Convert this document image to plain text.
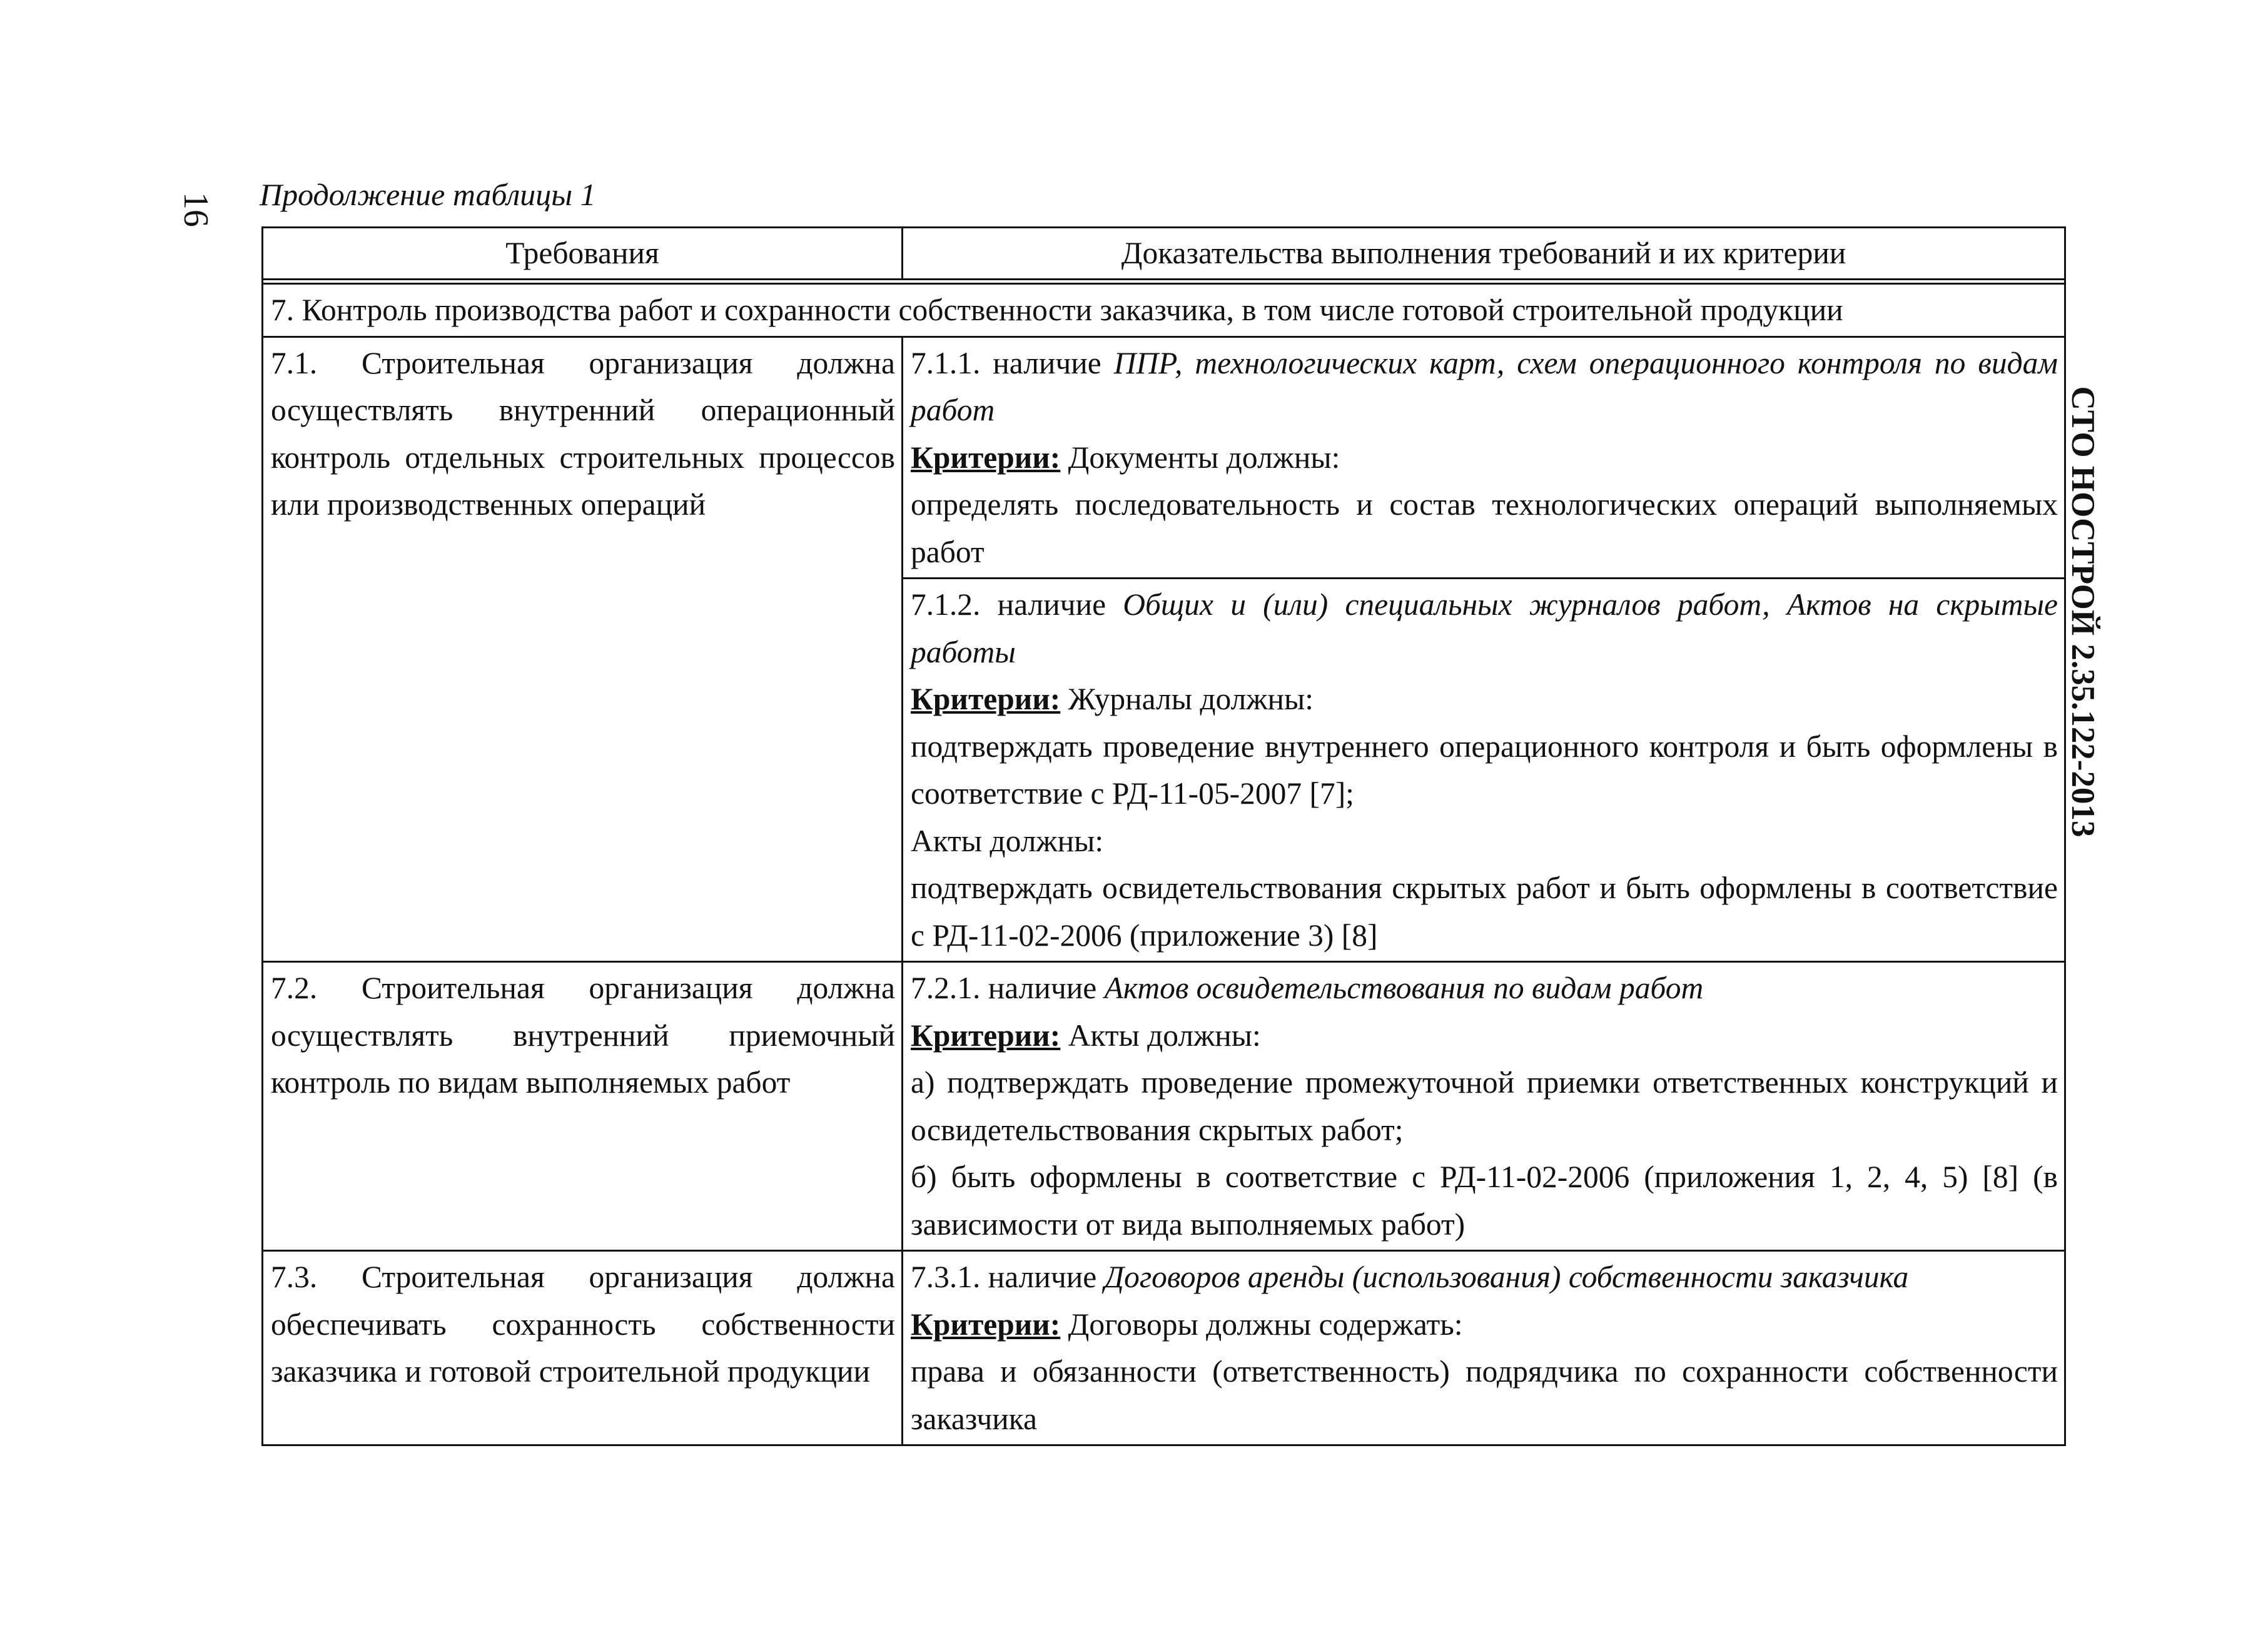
16
СТО НОСТРОЙ 2.35.122-2013
Продолжение таблицы 1
Требования	Доказательства выполнения требований и их критерии

7. Контроль производства работ и сохранности собственности заказчика, в том числе готовой строительной продукции	
7.1. Строительная организация должна осуществлять внутренний операционный контроль отдельных строительных процессов или производственных операций	7.1.1. наличие ППР, технологических карт, схем операционного контроля по видам работ
Критерии: Документы должны:
определять последовательность и состав технологических операций выполняемых работ

	7.1.2. наличие Общих и (или) специальных журналов работ, Актов на скрытые работы
Критерии: Журналы должны:
подтверждать проведение внутреннего операционного контроля и быть оформлены в соответствие с РД-11-05-2007 [7];
Акты должны:
подтверждать освидетельствования скрытых работ и быть оформлены в соответствие с РД-11-02-2006 (приложение 3) [8]

7.2. Строительная организация должна осуществлять внутренний приемочный контроль по видам выполняемых работ	7.2.1. наличие Актов освидетельствования по видам работ
Критерии: Акты должны:
а) подтверждать проведение промежуточной приемки ответственных конструкций и освидетельствования скрытых работ;
б) быть оформлены в соответствие с РД-11-02-2006 (приложения 1, 2, 4, 5) [8] (в зависимости от вида выполняемых работ)

7.3. Строительная организация должна обеспечивать сохранность собственности заказчика и готовой строительной продукции	7.3.1. наличие Договоров аренды (использования) собственности заказчика
Критерии: Договоры должны содержать:
права и обязанности (ответственность) подрядчика по сохранности собственности заказчика
